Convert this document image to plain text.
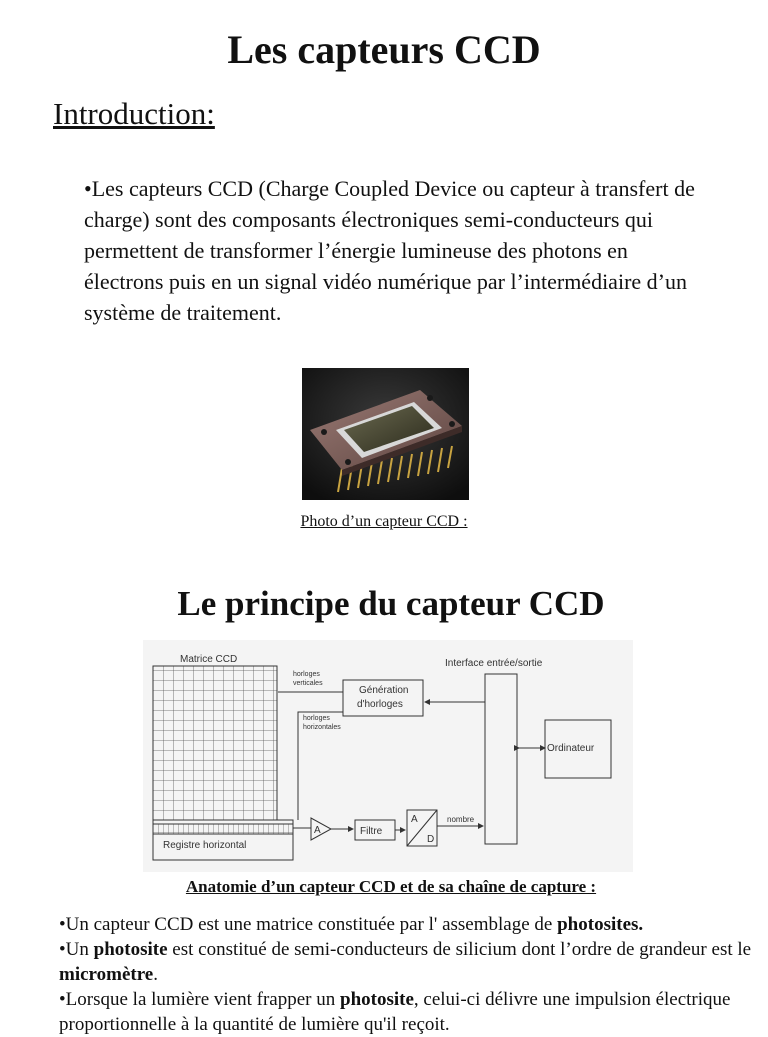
Les capteurs CCD
Introduction:
•Les capteurs CCD (Charge Coupled Device ou capteur à transfert de charge) sont des composants électroniques semi-conducteurs qui permettent de transformer l’énergie lumineuse des photons en électrons puis en un signal vidéo numérique par l’intermédiaire d’un système de traitement.
Photo d’un capteur CCD :
Le principe du capteur CCD
Matrice CCD
Registre horizontal
horloges
verticales
horloges
horizontales
Génération
d'horloges
Interface entrée/sortie
Ordinateur
A	Filtre
A
D
nombre
Anatomie d’un capteur CCD et de sa chaîne de capture :

•Un capteur CCD est une matrice constituée par l' assemblage de photosites.

•Un photosite est constitué de semi-conducteurs de silicium dont l’ordre de grandeur est le micromètre.

•Lorsque la lumière vient frapper un photosite, celui-ci délivre une impulsion électrique proportionnelle à la quantité de lumière qu'il reçoit.
